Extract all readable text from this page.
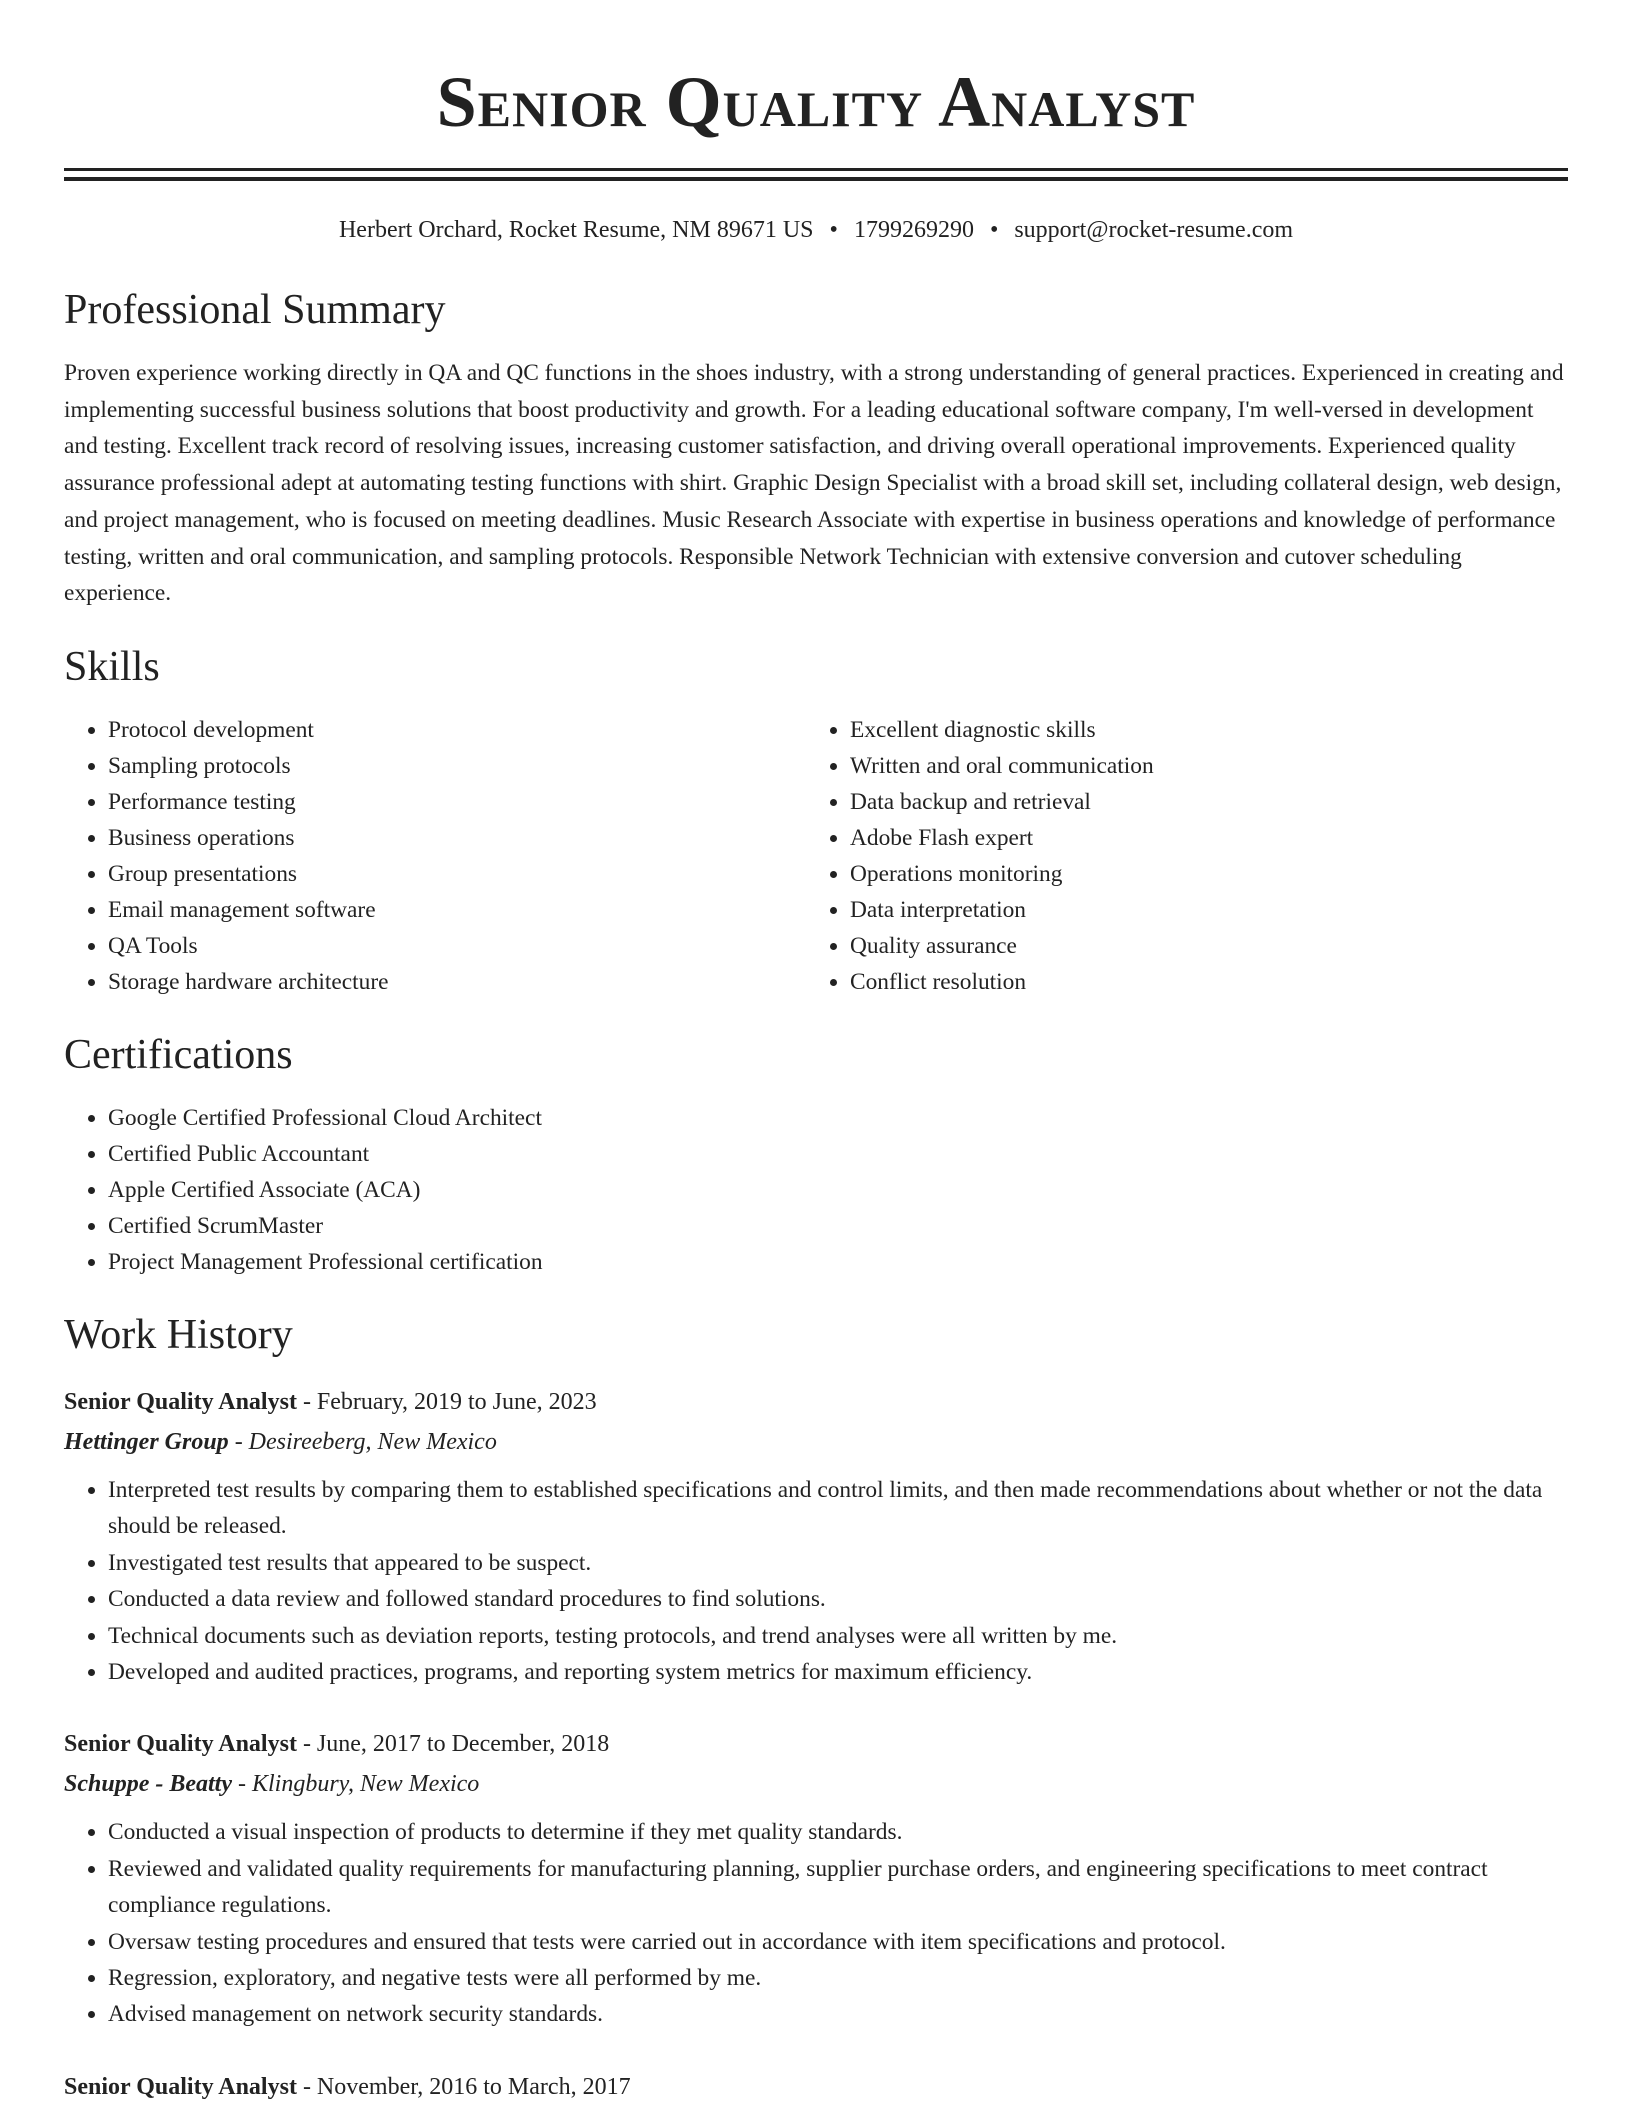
Senior Quality Analyst
Herbert Orchard, Rocket Resume, NM 89671 US • 1799269290 • support@rocket-resume.com
Professional Summary

Proven experience working directly in QA and QC functions in the shoes industry, with a strong understanding of general practices. Experienced in creating and implementing successful business solutions that boost productivity and growth. For a leading educational software company, I'm well-versed in development and testing. Excellent track record of resolving issues, increasing customer satisfaction, and driving overall operational improvements. Experienced quality assurance professional adept at automating testing functions with shirt. Graphic Design Specialist with a broad skill set, including collateral design, web design, and project management, who is focused on meeting deadlines. Music Research Associate with expertise in business operations and knowledge of performance testing, written and oral communication, and sampling protocols. Responsible Network Technician with extensive conversion and cutover scheduling experience.

Skills
• Protocol development
• Sampling protocols
• Performance testing
• Business operations
• Group presentations
• Email management software
• QA Tools
• Storage hardware architecture
• Excellent diagnostic skills
• Written and oral communication
• Data backup and retrieval
• Adobe Flash expert
• Operations monitoring
• Data interpretation
• Quality assurance
• Conflict resolution
Certifications
• Google Certified Professional Cloud Architect
• Certified Public Accountant
• Apple Certified Associate (ACA)
• Certified ScrumMaster
• Project Management Professional certification
Work History
Senior Quality Analyst - February, 2019 to June, 2023
Hettinger Group - Desireeberg, New Mexico
• Interpreted test results by comparing them to established specifications and control limits, and then made recommendations about whether or not the data should be released.
• Investigated test results that appeared to be suspect.
• Conducted a data review and followed standard procedures to find solutions.
• Technical documents such as deviation reports, testing protocols, and trend analyses were all written by me.
• Developed and audited practices, programs, and reporting system metrics for maximum efficiency.
Senior Quality Analyst - June, 2017 to December, 2018
Schuppe - Beatty - Klingbury, New Mexico
• Conducted a visual inspection of products to determine if they met quality standards.
• Reviewed and validated quality requirements for manufacturing planning, supplier purchase orders, and engineering specifications to meet contract compliance regulations.
• Oversaw testing procedures and ensured that tests were carried out in accordance with item specifications and protocol.
• Regression, exploratory, and negative tests were all performed by me.
• Advised management on network security standards.
Senior Quality Analyst - November, 2016 to March, 2017
